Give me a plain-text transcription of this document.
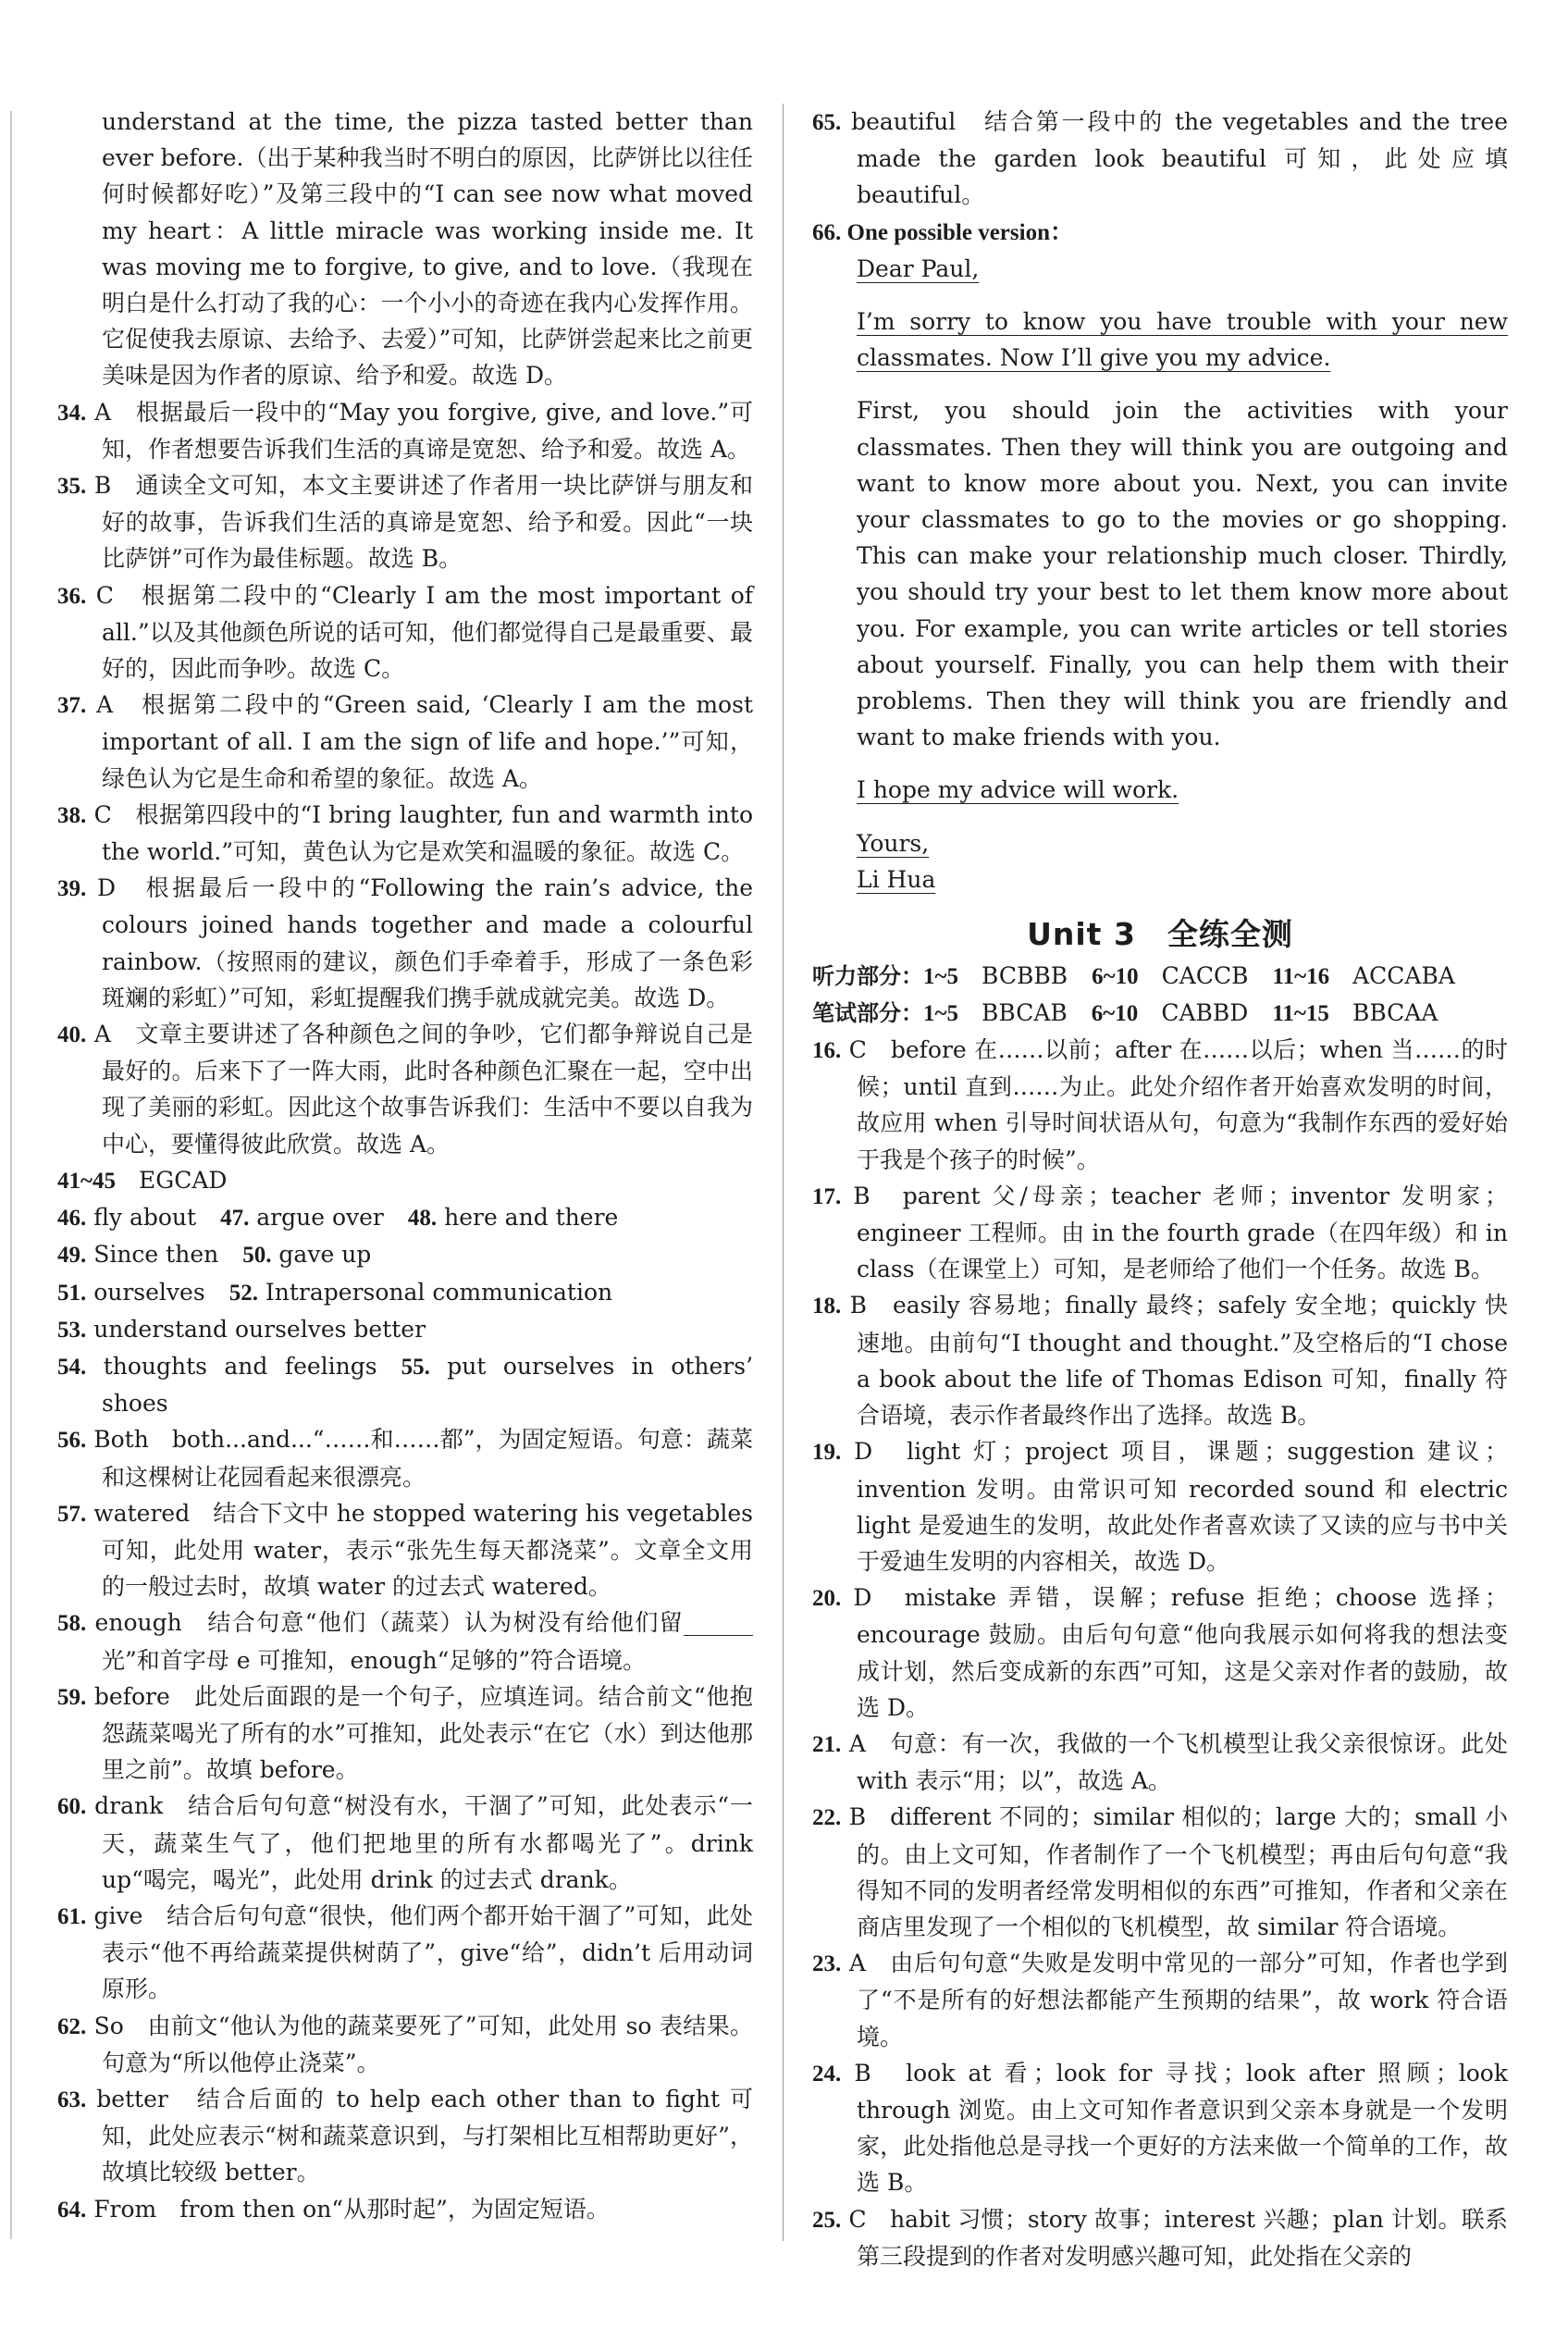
understand at the time, the pizza tasted better than ever before.（出于某种我当时不明白的原因，比萨饼比以往任何时候都好吃）”及第三段中的“I can see now what moved my heart：A little miracle was working inside me. It was moving me to forgive, to give, and to love.（我现在明白是什么打动了我的心：一个小小的奇迹在我内心发挥作用。它促使我去原谅、去给予、去爱）”可知，比萨饼尝起来比之前更美味是因为作者的原谅、给予和爱。故选 D。

34. A　根据最后一段中的“May you forgive, give, and love.”可知，作者想要告诉我们生活的真谛是宽恕、给予和爱。故选 A。

35. B　通读全文可知，本文主要讲述了作者用一块比萨饼与朋友和好的故事，告诉我们生活的真谛是宽恕、给予和爱。因此“一块比萨饼”可作为最佳标题。故选 B。

36. C　根据第二段中的“Clearly I am the most important of all.”以及其他颜色所说的话可知，他们都觉得自己是最重要、最好的，因此而争吵。故选 C。

37. A　根据第二段中的“Green said, ‘Clearly I am the most important of all. I am the sign of life and hope.’”可知，绿色认为它是生命和希望的象征。故选 A。

38. C　根据第四段中的“I bring laughter, fun and warmth into the world.”可知，黄色认为它是欢笑和温暖的象征。故选 C。

39. D　根据最后一段中的“Following the rain’s advice, the colours joined hands together and made a colourful rainbow.（按照雨的建议，颜色们手牵着手，形成了一条色彩斑斓的彩虹）”可知，彩虹提醒我们携手就成就完美。故选 D。

40. A　文章主要讲述了各种颜色之间的争吵，它们都争辩说自己是最好的。后来下了一阵大雨，此时各种颜色汇聚在一起，空中出现了美丽的彩虹。因此这个故事告诉我们：生活中不要以自我为中心，要懂得彼此欣赏。故选 A。

41~45　 EGCAD

46. fly about 47. argue over 48. here and there

49. Since then 50. gave up

51. ourselves 52. Intrapersonal communication

53. understand ourselves better

54. thoughts and feelings 55. put ourselves in others’ shoes

56. Both　both...and...“……和……都”，为固定短语。句意：蔬菜和这棵树让花园看起来很漂亮。

57. watered　结合下文中 he stopped watering his vegetables 可知，此处用 water，表示“张先生每天都浇菜”。文章全文用的一般过去时，故填 water 的过去式 watered。

58. enough　结合句意“他们（蔬菜）认为树没有给他们留______光”和首字母 e 可推知，enough“足够的”符合语境。

59. before　此处后面跟的是一个句子，应填连词。结合前文“他抱怨蔬菜喝光了所有的水”可推知，此处表示“在它（水）到达他那里之前”。故填 before。

60. drank　结合后句句意“树没有水，干涸了”可知，此处表示“一天，蔬菜生气了，他们把地里的所有水都喝光了”。drink up“喝完，喝光”，此处用 drink 的过去式 drank。

61. give　结合后句句意“很快，他们两个都开始干涸了”可知，此处表示“他不再给蔬菜提供树荫了”，give“给”，didn’t 后用动词原形。

62. So　由前文“他认为他的蔬菜要死了”可知，此处用 so 表结果。句意为“所以他停止浇菜”。

63. better　结合后面的 to help each other than to fight 可知，此处应表示“树和蔬菜意识到，与打架相比互相帮助更好”，故填比较级 better。

64. From　from then on“从那时起”，为固定短语。

65. beautiful　结合第一段中的 the vegetables and the tree made the garden look beautiful 可知，此处应填 beautiful。

66. One possible version：

Dear Paul,

I’m sorry to know you have trouble with your new classmates. Now I’ll give you my advice.

First, you should join the activities with your classmates. Then they will think you are outgoing and want to know more about you. Next, you can invite your classmates to go to the movies or go shopping. This can make your relationship much closer. Thirdly, you should try your best to let them know more about you. For example, you can write articles or tell stories about yourself. Finally, you can help them with their problems. Then they will think you are friendly and want to make friends with you.

I hope my advice will work.

Yours,

Li Hua

Unit 3　全练全测

听力部分：1~5　 BCBBB 6~10　 CACCB 11~16　 ACCABA

笔试部分：1~5　 BBCAB 6~10　 CABBD 11~15　 BBCAA

16. C　before 在……以前；after 在……以后；when 当……的时候；until 直到……为止。此处介绍作者开始喜欢发明的时间，故应用 when 引导时间状语从句，句意为“我制作东西的爱好始于我是个孩子的时候”。

17. B　parent 父/母亲；teacher 老师；inventor 发明家；engineer 工程师。由 in the fourth grade（在四年级）和 in class（在课堂上）可知，是老师给了他们一个任务。故选 B。

18. B　easily 容易地；finally 最终；safely 安全地；quickly 快速地。由前句“I thought and thought.”及空格后的“I chose a book about the life of Thomas Edison 可知，finally 符合语境，表示作者最终作出了选择。故选 B。

19. D　light 灯；project 项目，课题；suggestion 建议；invention 发明。由常识可知 recorded sound 和 electric light 是爱迪生的发明，故此处作者喜欢读了又读的应与书中关于爱迪生发明的内容相关，故选 D。

20. D　mistake 弄错，误解；refuse 拒绝；choose 选择；encourage 鼓励。由后句句意“他向我展示如何将我的想法变成计划，然后变成新的东西”可知，这是父亲对作者的鼓励，故选 D。

21. A　句意：有一次，我做的一个飞机模型让我父亲很惊讶。此处 with 表示“用；以”，故选 A。

22. B　different 不同的；similar 相似的；large 大的；small 小的。由上文可知，作者制作了一个飞机模型；再由后句句意“我得知不同的发明者经常发明相似的东西”可推知，作者和父亲在商店里发现了一个相似的飞机模型，故 similar 符合语境。

23. A　由后句句意“失败是发明中常见的一部分”可知，作者也学到了“不是所有的好想法都能产生预期的结果”，故 work 符合语境。

24. B　look at 看；look for 寻找；look after 照顾；look through 浏览。由上文可知作者意识到父亲本身就是一个发明家，此处指他总是寻找一个更好的方法来做一个简单的工作，故选 B。

25. C　habit 习惯；story 故事；interest 兴趣；plan 计划。联系第三段提到的作者对发明感兴趣可知，此处指在父亲的
